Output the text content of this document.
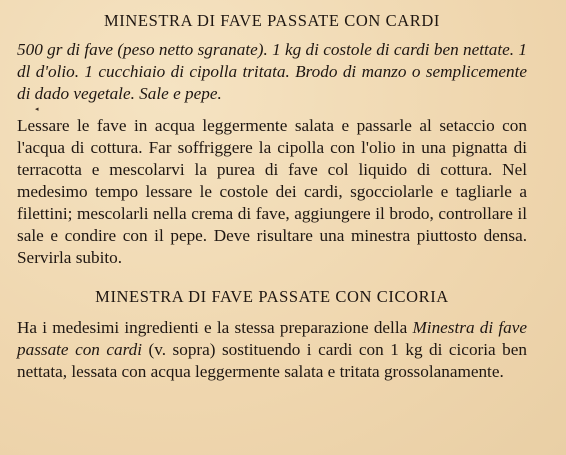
MINESTRA DI FAVE PASSATE CON CARDI

500 gr di fave (peso netto sgranate). 1 kg di costole di cardi ben nettate. 1 dl d'olio. 1 cucchiaio di cipolla tritata. Brodo di manzo o semplicemente di dado vegetale. Sale e pepe.

◂

Lessare le fave in acqua leggermente salata e passarle al setaccio con l'acqua di cottura. Far soffriggere la cipolla con l'olio in una pignatta di terracotta e mescolarvi la purea di fave col liquido di cottura. Nel medesimo tempo lessare le costole dei cardi, sgocciolarle e tagliarle a filettini; mescolarli nella crema di fave, aggiungere il brodo, controllare il sale e condire con il pepe. Deve risultare una minestra piuttosto densa. Servirla subito.

MINESTRA DI FAVE PASSATE CON CICORIA

Ha i medesimi ingredienti e la stessa preparazione della Minestra di fave passate con cardi (v. sopra) sostituendo i cardi con 1 kg di cicoria ben nettata, lessata con acqua leggermente salata e tritata grossolanamente.
